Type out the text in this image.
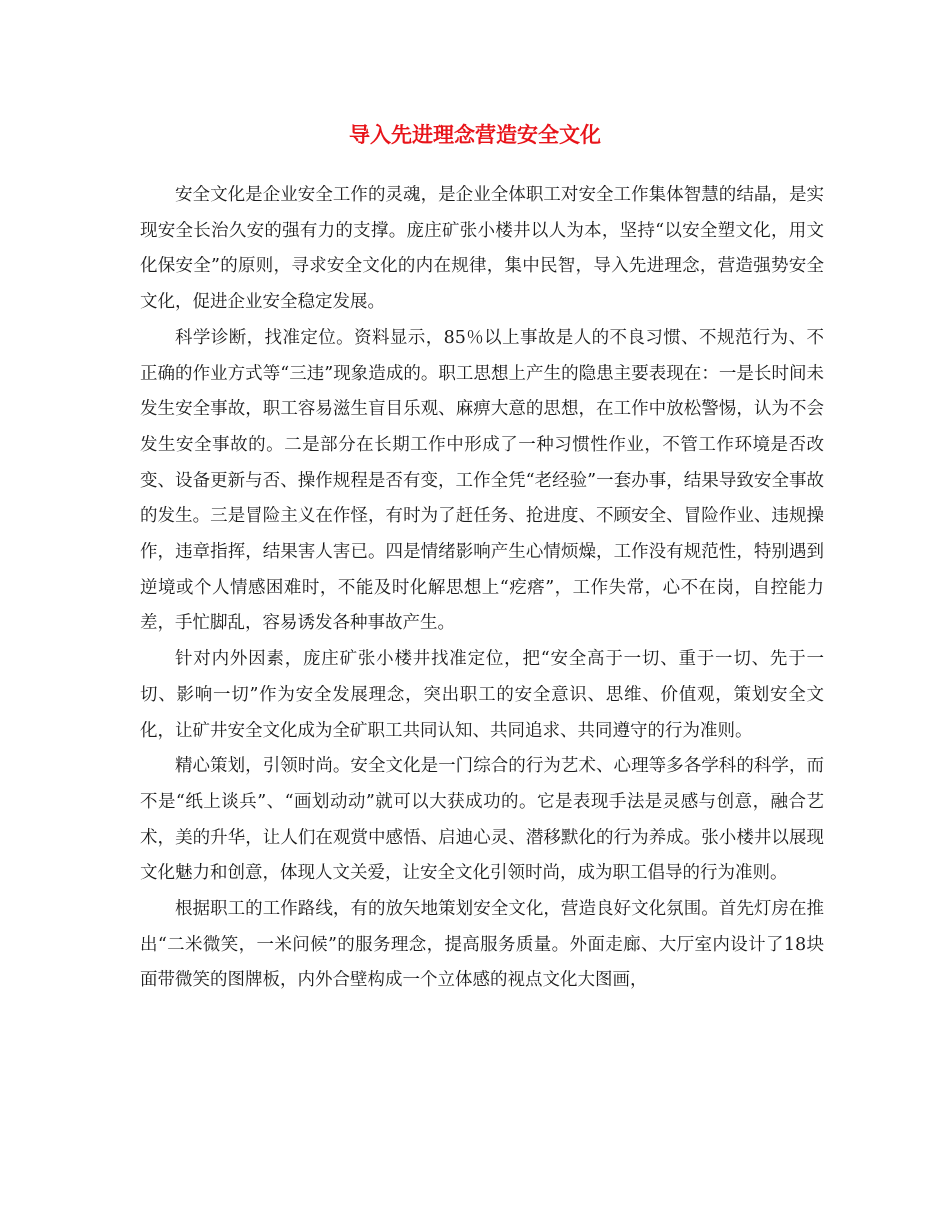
导入先进理念营造安全文化

安全文化是企业安全工作的灵魂，是企业全体职工对安全工作集体智慧的结晶，是实现安全长治久安的强有力的支撑。庞庄矿张小楼井以人为本，坚持“以安全塑文化，用文化保安全”的原则，寻求安全文化的内在规律，集中民智，导入先进理念，营造强势安全文化，促进企业安全稳定发展。

科学诊断，找准定位。资料显示，85％以上事故是人的不良习惯、不规范行为、不正确的作业方式等“三违”现象造成的。职工思想上产生的隐患主要表现在：一是长时间未发生安全事故，职工容易滋生盲目乐观、麻痹大意的思想，在工作中放松警惕，认为不会发生安全事故的。二是部分在长期工作中形成了一种习惯性作业，不管工作环境是否改变、设备更新与否、操作规程是否有变，工作全凭“老经验”一套办事，结果导致安全事故的发生。三是冒险主义在作怪，有时为了赶任务、抢进度、不顾安全、冒险作业、违规操作，违章指挥，结果害人害已。四是情绪影响产生心情烦燥，工作没有规范性，特别遇到逆境或个人情感困难时，不能及时化解思想上“疙瘩”，工作失常，心不在岗，自控能力差，手忙脚乱，容易诱发各种事故产生。

针对内外因素，庞庄矿张小楼井找准定位，把“安全高于一切、重于一切、先于一切、影响一切”作为安全发展理念，突出职工的安全意识、思维、价值观，策划安全文化，让矿井安全文化成为全矿职工共同认知、共同追求、共同遵守的行为准则。

精心策划，引领时尚。安全文化是一门综合的行为艺术、心理等多各学科的科学，而不是“纸上谈兵”、“画划动动”就可以大获成功的。它是表现手法是灵感与创意，融合艺术，美的升华，让人们在观赏中感悟、启迪心灵、潜移默化的行为养成。张小楼井以展现文化魅力和创意，体现人文关爱，让安全文化引领时尚，成为职工倡导的行为准则。

根据职工的工作路线，有的放矢地策划安全文化，营造良好文化氛围。首先灯房在推出“二米微笑，一米问候”的服务理念，提高服务质量。外面走廊、大厅室内设计了18块面带微笑的图牌板，内外合壁构成一个立体感的视点文化大图画，
